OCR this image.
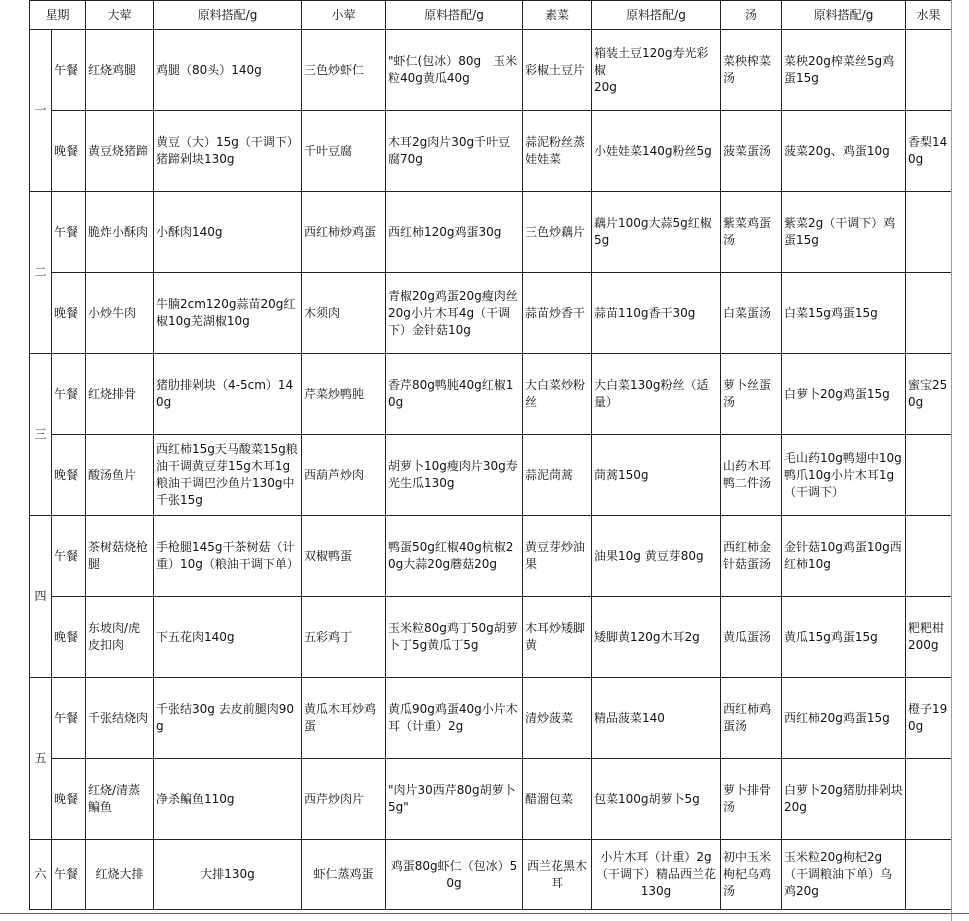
星期		大荤	原料搭配/g	小荤	原料搭配/g	素菜	原料搭配/g	汤	原料搭配/g	水果
一	午餐	红烧鸡腿	鸡腿（80头）140g	三色炒虾仁	"虾仁(包冰）80g　玉米粒40g黄瓜40g	彩椒土豆片	箱装土豆120g寿光彩椒
20g	菜秧榨菜汤	菜秧20g榨菜丝5g鸡蛋15g	
	晚餐	黄豆烧猪蹄	黄豆（大）15g（干调下）猪蹄剁块130g	千叶豆腐	木耳2g肉片30g千叶豆腐70g	蒜泥粉丝蒸娃娃菜	小娃娃菜140g粉丝5g	菠菜蛋汤	菠菜20g、鸡蛋10g	香梨140g
二	午餐	脆炸小酥肉	小酥肉140g	西红柿炒鸡蛋	西红柿120g鸡蛋30g	三色炒藕片	藕片100g大蒜5g红椒5g	紫菜鸡蛋汤	紫菜2g（干调下）鸡蛋15g	
	晚餐	小炒牛肉	牛腩2cm120g蒜苗20g红椒10g芜湖椒10g	木须肉	青椒20g鸡蛋20g瘦肉丝20g小片木耳4g（干调下）金针菇10g	蒜苗炒香干	蒜苗110g香干30g	白菜蛋汤	白菜15g鸡蛋15g	
三	午餐	红烧排骨	猪肋排剁块（4-5cm）140g	芹菜炒鸭肫	香芹80g鸭肫40g红椒10g	大白菜炒粉丝	大白菜130g粉丝（适量）	萝卜丝蛋汤	白萝卜20g鸡蛋15g	蜜宝250g
	晚餐	酸汤鱼片	西红柿15g天马酸菜15g粮油干调黄豆芽15g木耳1g粮油干调巴沙鱼片130g中千张15g	西葫芦炒肉	胡萝卜10g瘦肉片30g寿光生瓜130g	蒜泥茼蒿	茼蒿150g	山药木耳鸭二件汤	毛山药10g鸭翅中10g鸭爪10g小片木耳1g（干调下）	
四	午餐	茶树菇烧枪腿	手枪腿145g干茶树菇（计重）10g（粮油干调下单）	双椒鸭蛋	鸭蛋50g红椒40g杭椒20g大蒜20g蘑菇20g	黄豆芽炒油果	油果10g 黄豆芽80g	西红柿金针菇蛋汤	金针菇10g鸡蛋10g西红柿10g	
	晚餐	东坡肉/虎皮扣肉	下五花肉140g	五彩鸡丁	玉米粒80g鸡丁50g胡萝卜丁5g黄瓜丁5g	木耳炒矮脚黄	矮脚黄120g木耳2g	黄瓜蛋汤	黄瓜15g鸡蛋15g	粑粑柑200g
五	午餐	千张结烧肉	千张结30g 去皮前腿肉90g	黄瓜木耳炒鸡蛋	黄瓜90g鸡蛋40g小片木耳（计重）2g	清炒菠菜	精品菠菜140	西红柿鸡蛋汤	西红柿20g鸡蛋15g	橙子190g
	晚餐	红烧/清蒸鳊鱼	净杀鳊鱼110g	西芹炒肉片	"肉片30西芹80g胡萝卜5g"	醋溜包菜	包菜100g胡萝卜5g	萝卜排骨汤	白萝卜20g猪肋排剁块20g	
六	午餐	红烧大排	大排130g	虾仁蒸鸡蛋	鸡蛋80g虾仁（包冰）50g	西兰花黑木耳	小片木耳（计重）2g（干调下）精品西兰花130g	初中玉米枸杞乌鸡汤	玉米粒20g枸杞2g（干调粮油下单）乌鸡20g	
